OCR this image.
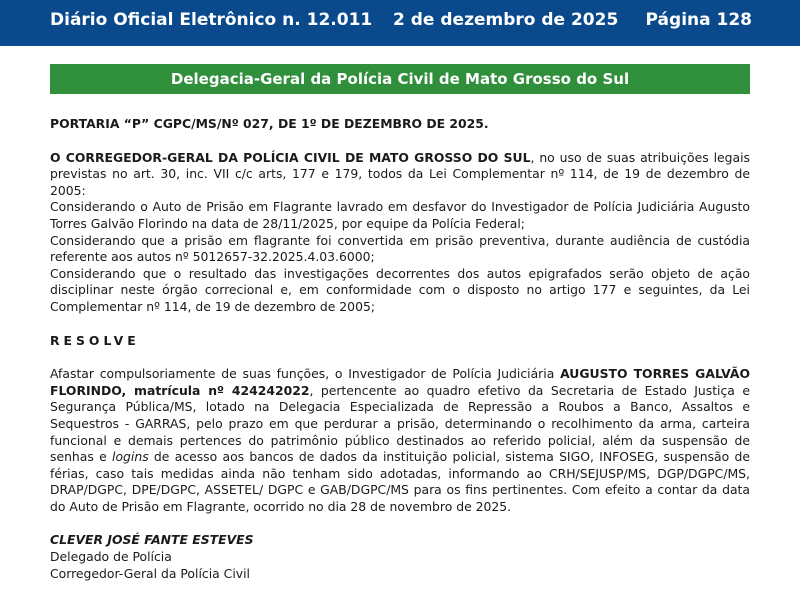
Diário Oficial Eletrônico n. 12.011 2 de dezembro de 2025 Página 128
Delegacia-Geral da Polícia Civil de Mato Grosso do Sul

PORTARIA “P” CGPC/MS/Nº 027, DE 1º DE DEZEMBRO DE 2025.

O CORREGEDOR-GERAL DA POLÍCIA CIVIL DE MATO GROSSO DO SUL, no uso de suas atribuições legais previstas no art. 30, inc. VII c/c arts, 177 e 179, todos da Lei Complementar nº 114, de 19 de dezembro de 2005:

Considerando o Auto de Prisão em Flagrante lavrado em desfavor do Investigador de Polícia Judiciária Augusto Torres Galvão Florindo na data de 28/11/2025, por equipe da Polícia Federal;

Considerando que a prisão em flagrante foi convertida em prisão preventiva, durante audiência de custódia referente aos autos nº 5012657-32.2025.4.03.6000;

Considerando que o resultado das investigações decorrentes dos autos epigrafados serão objeto de ação disciplinar neste órgão correcional e, em conformidade com o disposto no artigo 177 e seguintes, da Lei Complementar nº 114, de 19 de dezembro de 2005;

RESOLVE

Afastar compulsoriamente de suas funções, o Investigador de Polícia Judiciária AUGUSTO TORRES GALVÃO FLORINDO, matrícula nº 424242022, pertencente ao quadro efetivo da Secretaria de Estado Justiça e Segurança Pública/MS, lotado na Delegacia Especializada de Repressão a Roubos a Banco, Assaltos e Sequestros - GARRAS, pelo prazo em que perdurar a prisão, determinando o recolhimento da arma, carteira funcional e demais pertences do patrimônio público destinados ao referido policial, além da suspensão de senhas e logins de acesso aos bancos de dados da instituição policial, sistema SIGO, INFOSEG, suspensão de férias, caso tais medidas ainda não tenham sido adotadas, informando ao CRH/SEJUSP/MS, DGP/DGPC/MS, DRAP/DGPC, DPE/DGPC, ASSETEL/ DGPC e GAB/DGPC/MS para os fins pertinentes. Com efeito a contar da data do Auto de Prisão em Flagrante, ocorrido no dia 28 de novembro de 2025.

CLEVER JOSÉ FANTE ESTEVES

Delegado de Polícia

Corregedor-Geral da Polícia Civil
